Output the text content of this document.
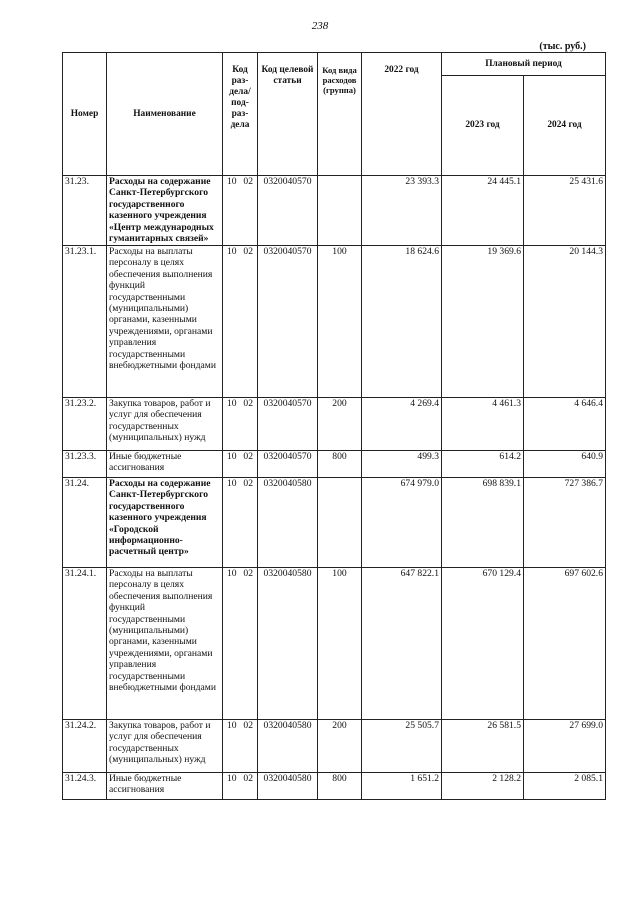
238
(тыс. руб.)
Номер	Наименование	Код раз-дела/ под-раз-дела	Код целевой статьи	Код вида расходов (группа)	2022 год	Плановый период	
						2023 год	2024 год
31.23.	Расходы на содержание Санкт-Петербургского государственного казенного учреждения «Центр международных гуманитарных связей»	10 02	0320040570		23 393.3	24 445.1	25 431.6
31.23.1.	Расходы на выплаты персоналу в целях обеспечения выполнения функций государственными (муниципальными) органами, казенными учреждениями, органами управления государственными внебюджетными фондами	10 02	0320040570	100	18 624.6	19 369.6	20 144.3
31.23.2.	Закупка товаров, работ и услуг для обеспечения государственных (муниципальных) нужд	10 02	0320040570	200	4 269.4	4 461.3	4 646.4
31.23.3.	Иные бюджетные ассигнования	10 02	0320040570	800	499.3	614.2	640.9
31.24.	Расходы на содержание Санкт-Петербургского государственного казенного учреждения «Городской информационно-расчетный центр»	10 02	0320040580		674 979.0	698 839.1	727 386.7
31.24.1.	Расходы на выплаты персоналу в целях обеспечения выполнения функций государственными (муниципальными) органами, казенными учреждениями, органами управления государственными внебюджетными фондами	10 02	0320040580	100	647 822.1	670 129.4	697 602.6
31.24.2.	Закупка товаров, работ и услуг для обеспечения государственных (муниципальных) нужд	10 02	0320040580	200	25 505.7	26 581.5	27 699.0
31.24.3.	Иные бюджетные ассигнования	10 02	0320040580	800	1 651.2	2 128.2	2 085.1
